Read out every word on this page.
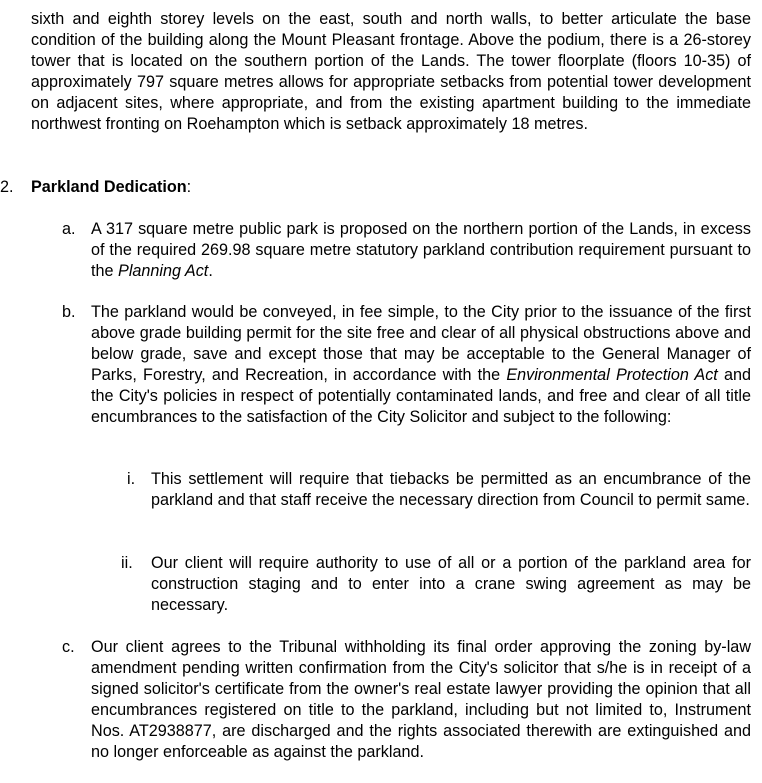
sixth and eighth storey levels on the east, south and north walls, to better articulate the base condition of the building along the Mount Pleasant frontage. Above the podium, there is a 26-storey tower that is located on the southern portion of the Lands. The tower floorplate (floors 10-35) of approximately 797 square metres allows for appropriate setbacks from potential tower development on adjacent sites, where appropriate, and from the existing apartment building to the immediate northwest fronting on Roehampton which is setback approximately 18 metres.

2. Parkland Dedication:
a. A 317 square metre public park is proposed on the northern portion of the Lands, in excess of the required 269.98 square metre statutory parkland contribution requirement pursuant to the Planning Act.

b. The parkland would be conveyed, in fee simple, to the City prior to the issuance of the first above grade building permit for the site free and clear of all physical obstructions above and below grade, save and except those that may be acceptable to the General Manager of Parks, Forestry, and Recreation, in accordance with the Environmental Protection Act and the City's policies in respect of potentially contaminated lands, and free and clear of all title encumbrances to the satisfaction of the City Solicitor and subject to the following:

i. This settlement will require that tiebacks be permitted as an encumbrance of the parkland and that staff receive the necessary direction from Council to permit same.

ii. Our client will require authority to use of all or a portion of the parkland area for construction staging and to enter into a crane swing agreement as may be necessary.

c. Our client agrees to the Tribunal withholding its final order approving the zoning by-law amendment pending written confirmation from the City's solicitor that s/he is in receipt of a signed solicitor's certificate from the owner's real estate lawyer providing the opinion that all encumbrances registered on title to the parkland, including but not limited to, Instrument Nos. AT2938877, are discharged and the rights associated therewith are extinguished and no longer enforceable as against the parkland.
